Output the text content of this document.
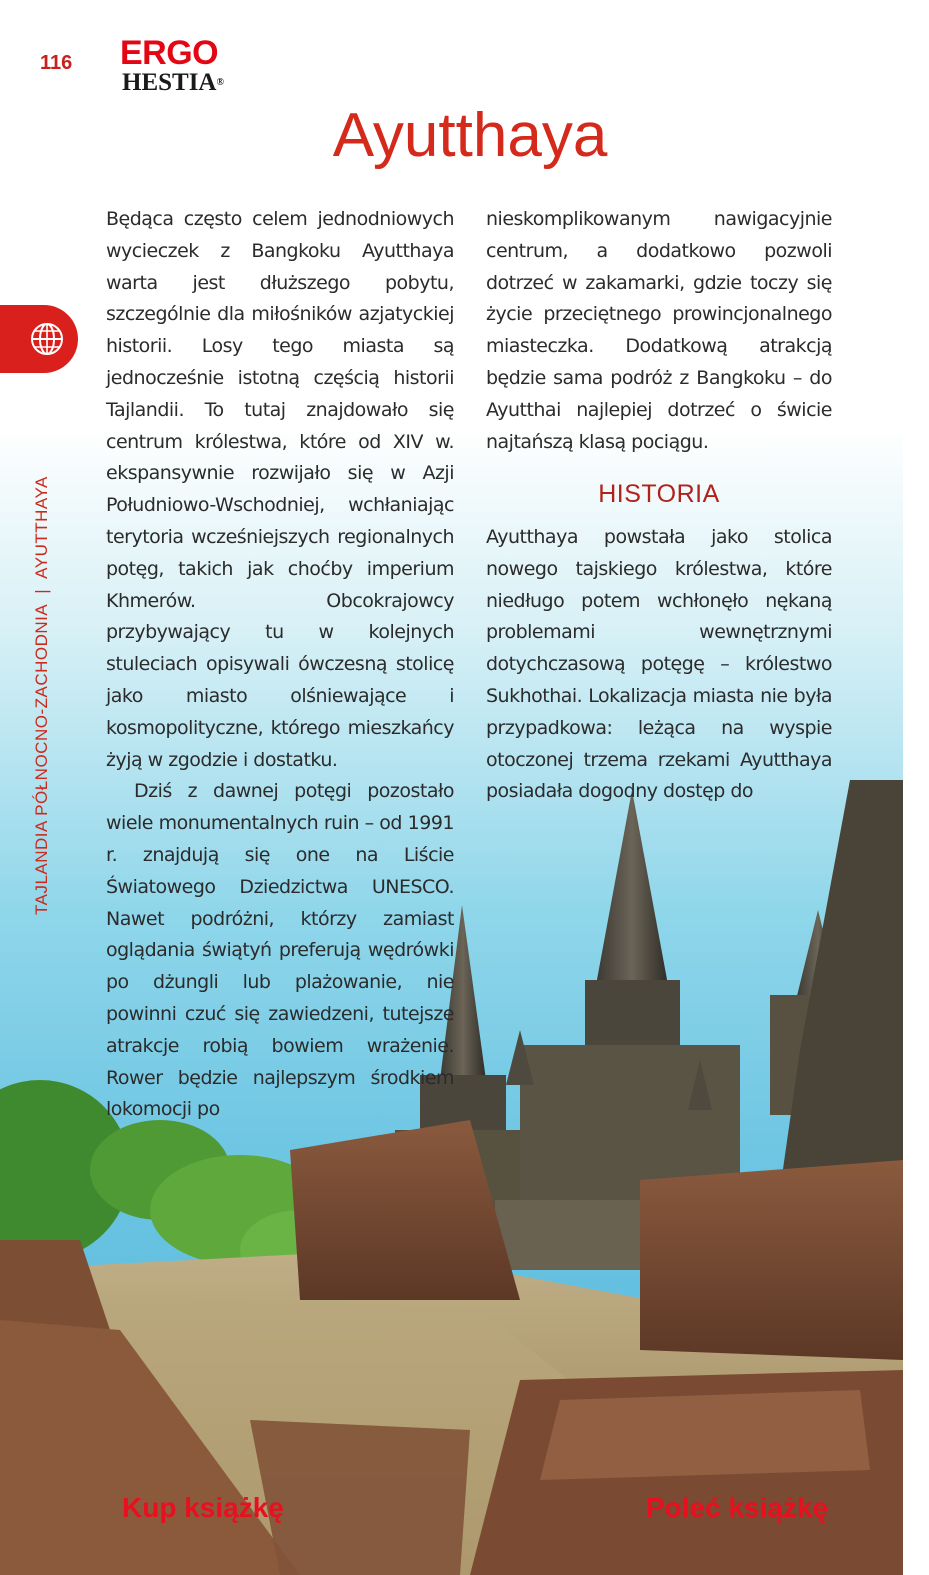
116 ERGO
HESTIA®
Ayutthaya
TAJLANDIA PÓŁNOCNO-ZACHODNIA|AYUTTHAYA

Będąca często celem jednodniowych wycieczek z Bangkoku Ayutthaya warta jest dłuższego pobytu, szczególnie dla miłośników azjatyckiej historii. Losy tego miasta są jednocześnie istotną częścią historii Tajlandii. To tutaj znajdowało się centrum królestwa, które od XIV w. ekspansywnie rozwijało się w Azji Południowo-Wschodniej, wchłaniając terytoria wcześniejszych regionalnych potęg, takich jak choćby imperium Khmerów. Obcokrajowcy przybywający tu w kolejnych stuleciach opisywali ówczesną stolicę jako miasto olśniewające i kosmopolityczne, którego mieszkańcy żyją w zgodzie i dostatku.

Dziś z dawnej potęgi pozostało wiele monumentalnych ruin – od 1991 r. znajdują się one na Liście Światowego Dziedzictwa UNESCO. Nawet podróżni, którzy zamiast oglądania świątyń preferują wędrówki po dżungli lub plażowanie, nie powinni czuć się zawiedzeni, tutejsze atrakcje robią bowiem wrażenie. Rower będzie najlepszym środkiem lokomocji po

nieskomplikowanym nawigacyjnie centrum, a dodatkowo pozwoli dotrzeć w zakamarki, gdzie toczy się życie przeciętnego prowincjonalnego miasteczka. Dodatkową atrakcją będzie sama podróż z Bangkoku – do Ayutthai najlepiej dotrzeć o świcie najtańszą klasą pociągu.

HISTORIA

Ayutthaya powstała jako stolica nowego tajskiego królestwa, które niedługo potem wchłonęło nękaną problemami wewnętrznymi dotychczasową potęgę – królestwo Sukhothai. Lokalizacja miasta nie była przypadkowa: leżąca na wyspie otoczonej trzema rzekami Ayutthaya posiadała dogodny dostęp do

Kup książkę	Poleć książkę
